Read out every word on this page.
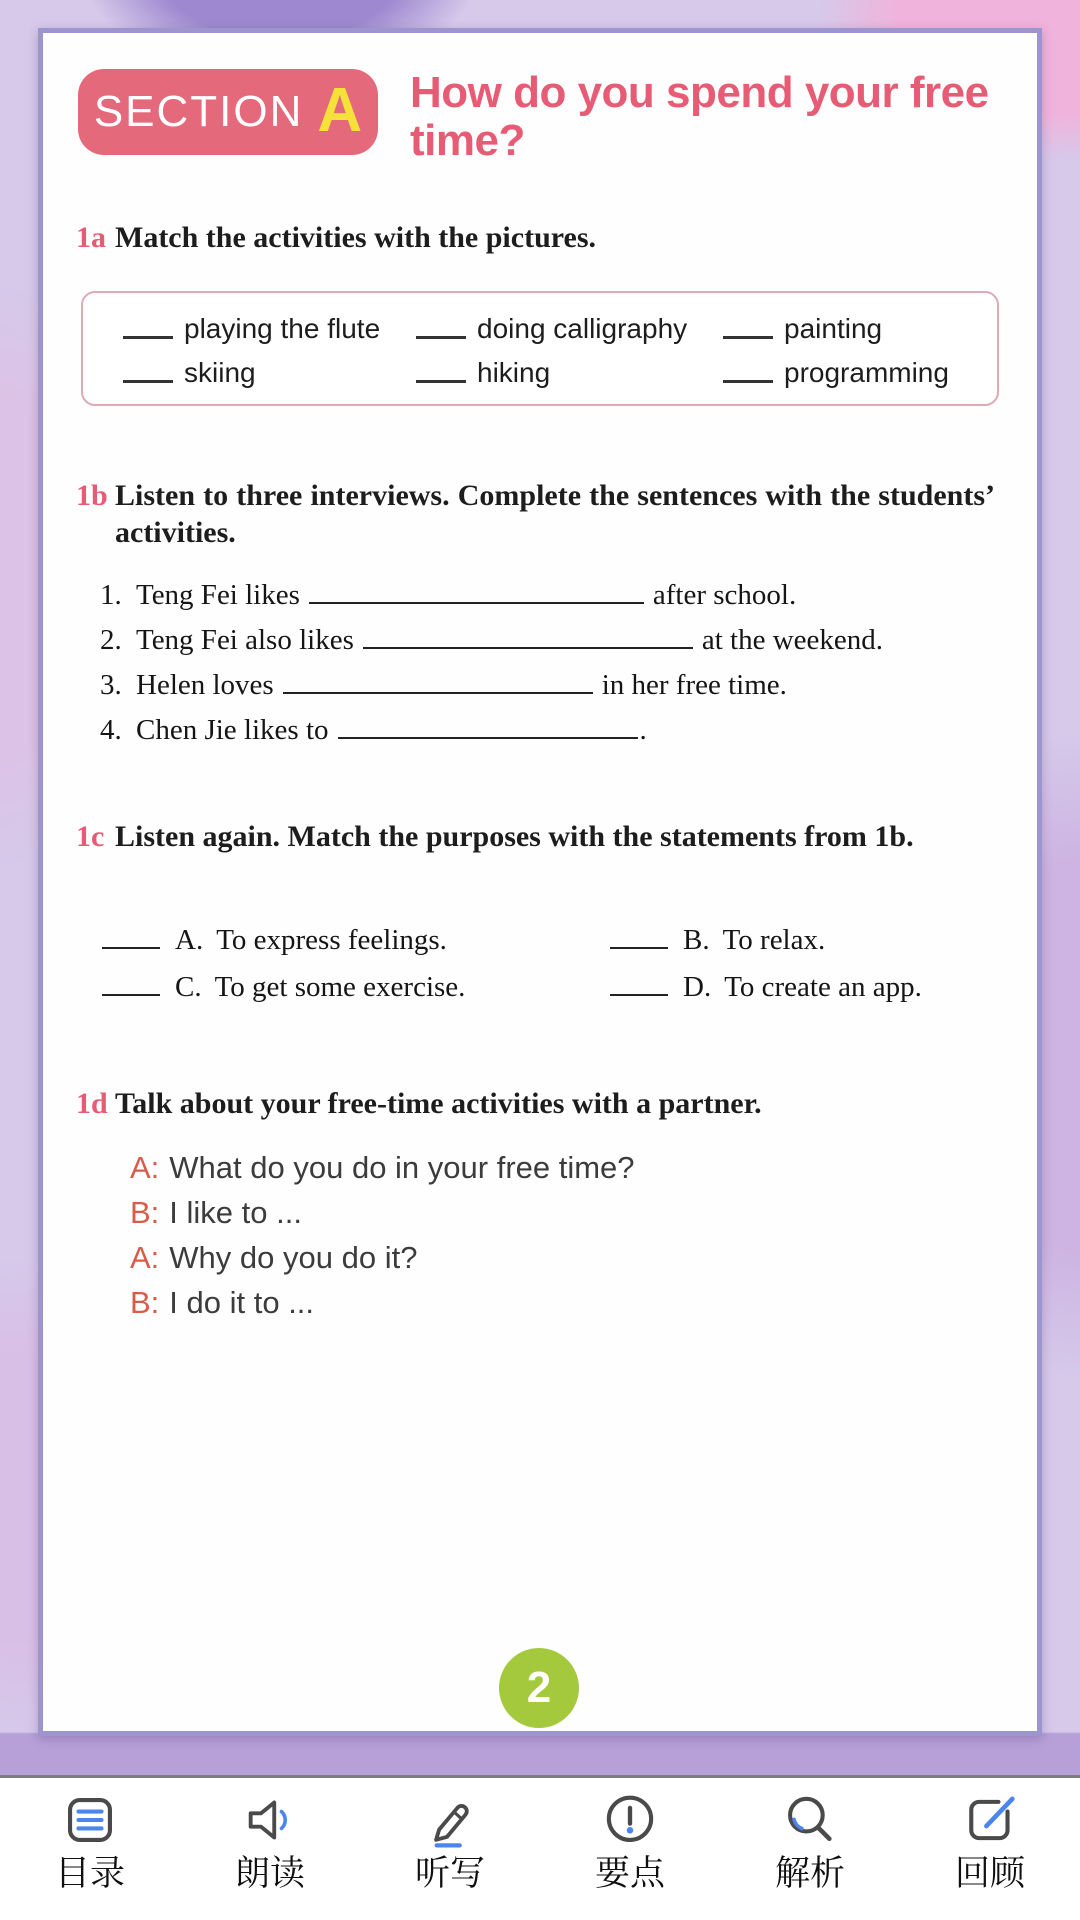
SECTION A How do you spend your free time?
1a Match the activities with the pictures.
playing the flute	doing calligraphy	painting
skiing	hiking	programming
1b Listen to three interviews. Complete the sentences with the students’ activities.
1. Teng Fei likes	after school.
2. Teng Fei also likes	at the weekend.
3. Helen loves	in her free time.
4. Chen Jie likes to	.
1c Listen again. Match the purposes with the statements from 1b.
A. To express feelings.	B. To relax.
C. To get some exercise.	D. To create an app.
1d Talk about your free-time activities with a partner.
A: What do you do in your free time?
B: I like to ...
A: Why do you do it?
B: I do it to ...
2
目录	朗读	听写	要点	解析	回顾
